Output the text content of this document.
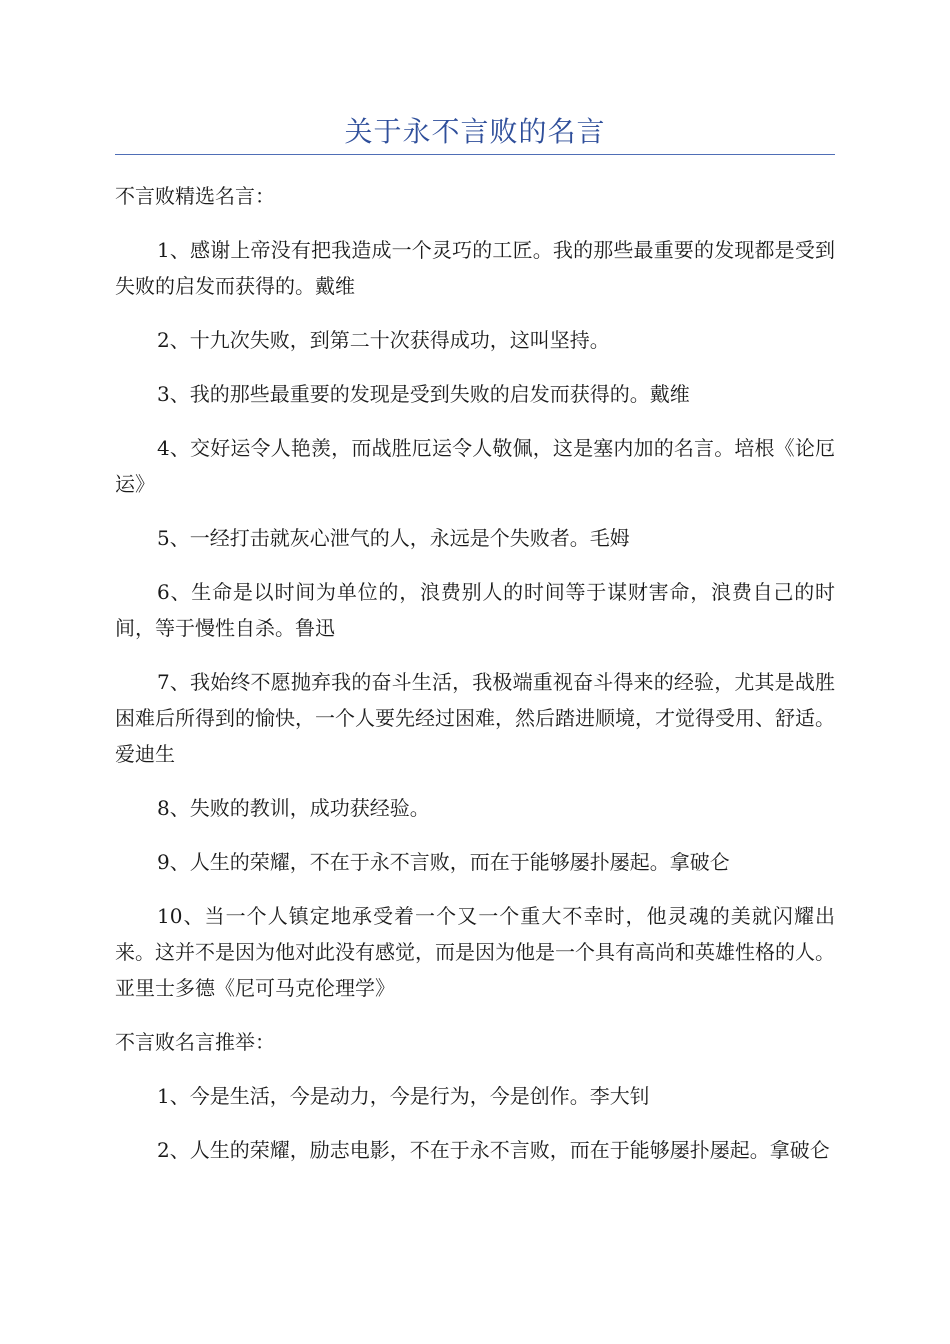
关于永不言败的名言

不言败精选名言：

1、感谢上帝没有把我造成一个灵巧的工匠。我的那些最重要的发现都是受到失败的启发而获得的。戴维

2、十九次失败，到第二十次获得成功，这叫坚持。

3、我的那些最重要的发现是受到失败的启发而获得的。戴维

4、交好运令人艳羡，而战胜厄运令人敬佩，这是塞内加的名言。培根《论厄运》

5、一经打击就灰心泄气的人，永远是个失败者。毛姆

6、生命是以时间为单位的，浪费别人的时间等于谋财害命，浪费自己的时间，等于慢性自杀。鲁迅

7、我始终不愿抛弃我的奋斗生活，我极端重视奋斗得来的经验，尤其是战胜困难后所得到的愉快，一个人要先经过困难，然后踏进顺境，才觉得受用、舒适。爱迪生

8、失败的教训，成功获经验。

9、人生的荣耀，不在于永不言败，而在于能够屡扑屡起。拿破仑

10、当一个人镇定地承受着一个又一个重大不幸时，他灵魂的美就闪耀出来。这并不是因为他对此没有感觉，而是因为他是一个具有高尚和英雄性格的人。亚里士多德《尼可马克伦理学》

不言败名言推举：

1、今是生活，今是动力，今是行为，今是创作。李大钊

2、人生的荣耀，励志电影，不在于永不言败，而在于能够屡扑屡起。拿破仑
